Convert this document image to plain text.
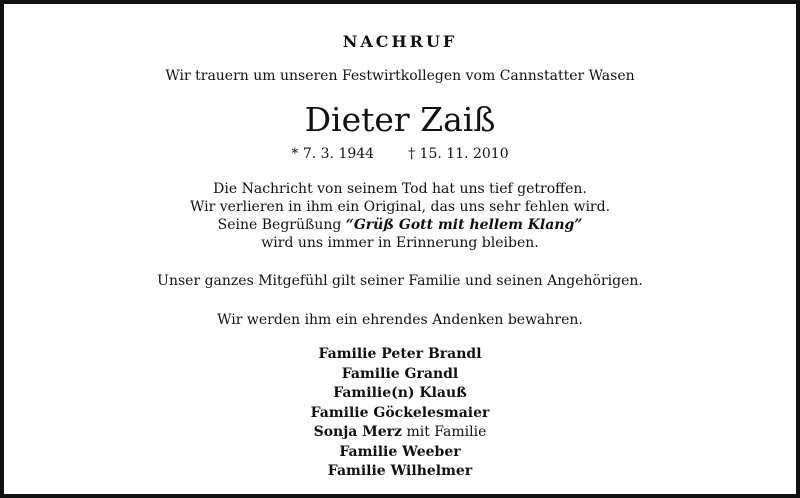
NACHRUF
Wir trauern um unseren Festwirtkollegen vom Cannstatter Wasen
Dieter Zaiß
* 7. 3. 1944 † 15. 11. 2010
Die Nachricht von seinem Tod hat uns tief getroffen.
Wir verlieren in ihm ein Original, das uns sehr fehlen wird.
Seine Begrüßung “Grüß Gott mit hellem Klang”
wird uns immer in Erinnerung bleiben.
Unser ganzes Mitgefühl gilt seiner Familie und seinen Angehörigen.
Wir werden ihm ein ehrendes Andenken bewahren.
Familie Peter Brandl
Familie Grandl
Familie(n) Klauß
Familie Göckelesmaier
Sonja Merz mit Familie
Familie Weeber
Familie Wilhelmer
